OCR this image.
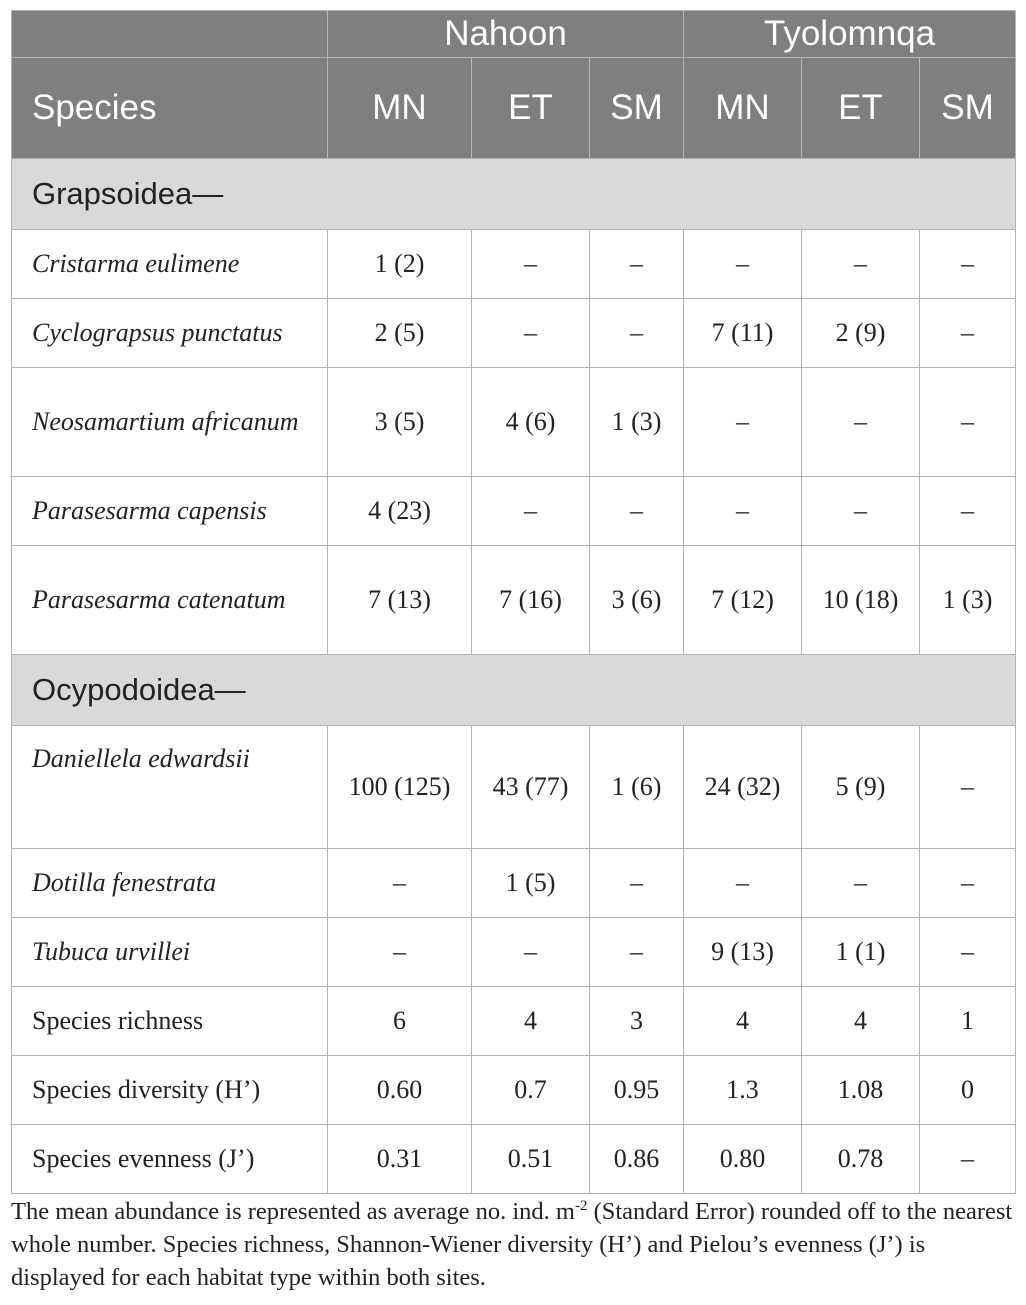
	Nahoon			Tyolomnqa		
Species	MN	ET	SM	MN	ET	SM
Grapsoidea—						
Cristarma eulimene	1 (2)	–	–	–	–	–
Cyclograpsus punctatus	2 (5)	–	–	7 (11)	2 (9)	–
Neosamartium africanum	3 (5)	4 (6)	1 (3)	–	–	–
Parasesarma capensis	4 (23)	–	–	–	–	–
Parasesarma catenatum	7 (13)	7 (16)	3 (6)	7 (12)	10 (18)	1 (3)
Ocypodoidea—						
Daniellela edwardsii	100 (125)	43 (77)	1 (6)	24 (32)	5 (9)	–
Dotilla fenestrata	–	1 (5)	–	–	–	–
Tubuca urvillei	–	–	–	9 (13)	1 (1)	–
Species richness	6	4	3	4	4	1
Species diversity (H’)	0.60	0.7	0.95	1.3	1.08	0
Species evenness (J’)	0.31	0.51	0.86	0.80	0.78	–
The mean abundance is represented as average no. ind. $m^{-2}$ (Standard Error) rounded off to the nearest whole number. Species richness, Shannon-Wiener diversity (H’) and Pielou’s evenness (J’) is displayed for each habitat type within both sites.
